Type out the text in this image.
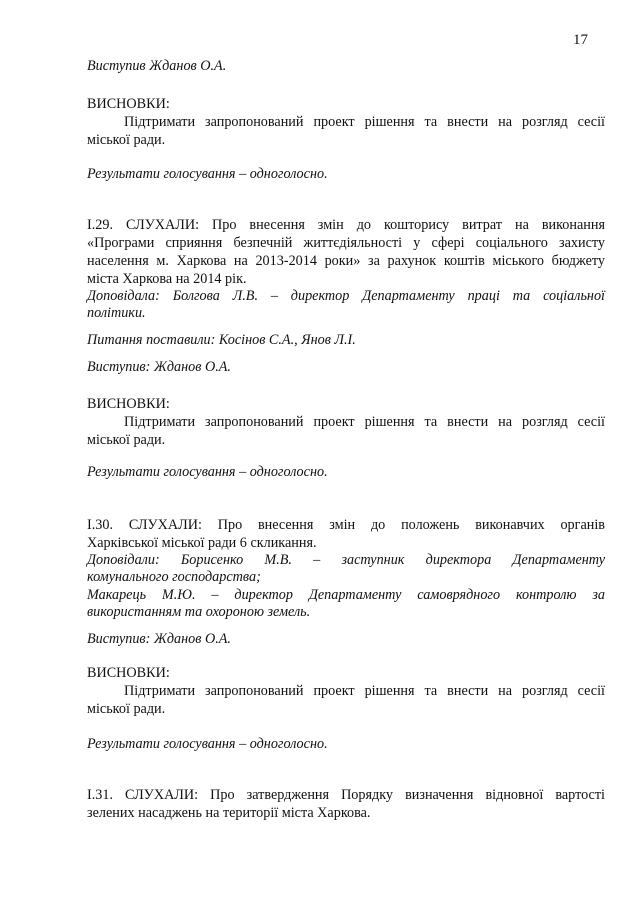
17
Виступив Жданов О.А.
ВИСНОВКИ:
Підтримати запропонований проект рішення та внести на розгляд сесії
міської ради.
Результати голосування – одноголосно.
І.29. СЛУХАЛИ: Про внесення змін до кошторису витрат на виконання
«Програми сприяння безпечній життєдіяльності у сфері соціального захисту
населення м. Харкова на 2013-2014 роки» за рахунок коштів міського бюджету
міста Харкова на 2014 рік.
Доповідала: Болгова Л.В. – директор Департаменту праці та соціальної
політики.
Питання поставили: Косінов С.А., Янов Л.І.
Виступив: Жданов О.А.
ВИСНОВКИ:
Підтримати запропонований проект рішення та внести на розгляд сесії
міської ради.
Результати голосування – одноголосно.
І.30. СЛУХАЛИ: Про внесення змін до положень виконавчих органів
Харківської міської ради 6 скликання.
Доповідали: Борисенко М.В. – заступник директора Департаменту
комунального господарства;
Макарець М.Ю. – директор Департаменту самоврядного контролю за
використанням та охороною земель.
Виступив: Жданов О.А.
ВИСНОВКИ:
Підтримати запропонований проект рішення та внести на розгляд сесії
міської ради.
Результати голосування – одноголосно.
І.31. СЛУХАЛИ: Про затвердження Порядку визначення відновної вартості
зелених насаджень на території міста Харкова.
